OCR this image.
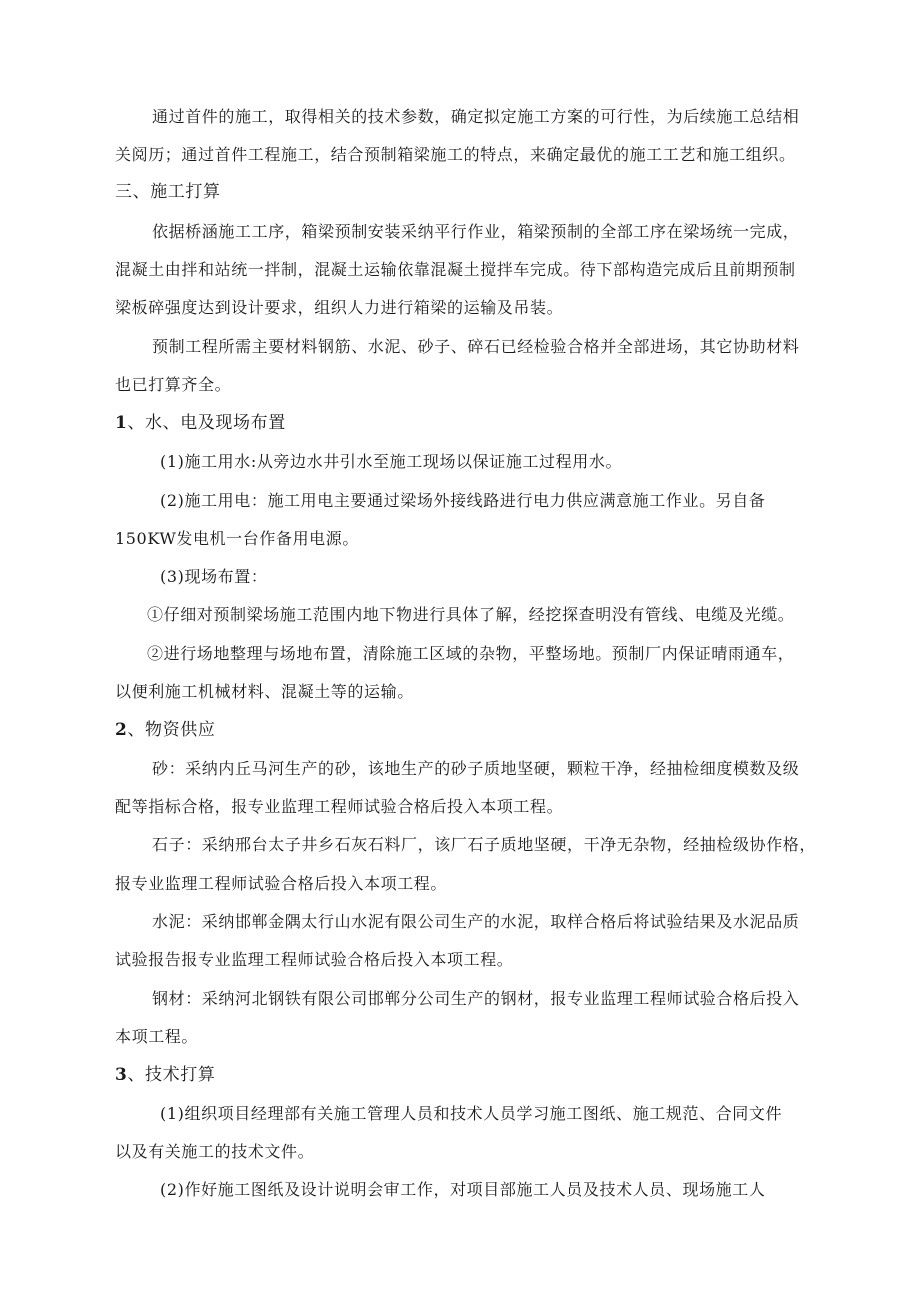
通过首件的施工，取得相关的技术参数，确定拟定施工方案的可行性，为后续施工总结相
关阅历；通过首件工程施工，结合预制箱梁施工的特点，来确定最优的施工工艺和施工组织。
三、施工打算
依据桥涵施工工序，箱梁预制安装采纳平行作业，箱梁预制的全部工序在梁场统一完成，
混凝土由拌和站统一拌制，混凝土运输依靠混凝土搅拌车完成。待下部构造完成后且前期预制
梁板碎强度达到设计要求，组织人力进行箱梁的运输及吊装。
预制工程所需主要材料钢筋、水泥、砂子、碎石已经检验合格并全部进场，其它协助材料
也已打算齐全。
1、水、电及现场布置
(1)施工用水:从旁边水井引水至施工现场以保证施工过程用水。
(2)施工用电：施工用电主要通过梁场外接线路进行电力供应满意施工作业。另自备
150KW发电机一台作备用电源。
(3)现场布置：
①仔细对预制梁场施工范围内地下物进行具体了解，经挖探查明没有管线、电缆及光缆。
②进行场地整理与场地布置，清除施工区域的杂物，平整场地。预制厂内保证晴雨通车，
以便利施工机械材料、混凝土等的运输。
2、物资供应
砂：采纳内丘马河生产的砂，该地生产的砂子质地坚硬，颗粒干净，经抽检细度模数及级
配等指标合格，报专业监理工程师试验合格后投入本项工程。
石子：采纳邢台太子井乡石灰石料厂，该厂石子质地坚硬，干净无杂物，经抽检级协作格，
报专业监理工程师试验合格后投入本项工程。
水泥：采纳邯郸金隅太行山水泥有限公司生产的水泥，取样合格后将试验结果及水泥品质
试验报告报专业监理工程师试验合格后投入本项工程。
钢材：采纳河北钢铁有限公司邯郸分公司生产的钢材，报专业监理工程师试验合格后投入
本项工程。
3、技术打算
(1)组织项目经理部有关施工管理人员和技术人员学习施工图纸、施工规范、合同文件
以及有关施工的技术文件。
(2)作好施工图纸及设计说明会审工作，对项目部施工人员及技术人员、现场施工人
